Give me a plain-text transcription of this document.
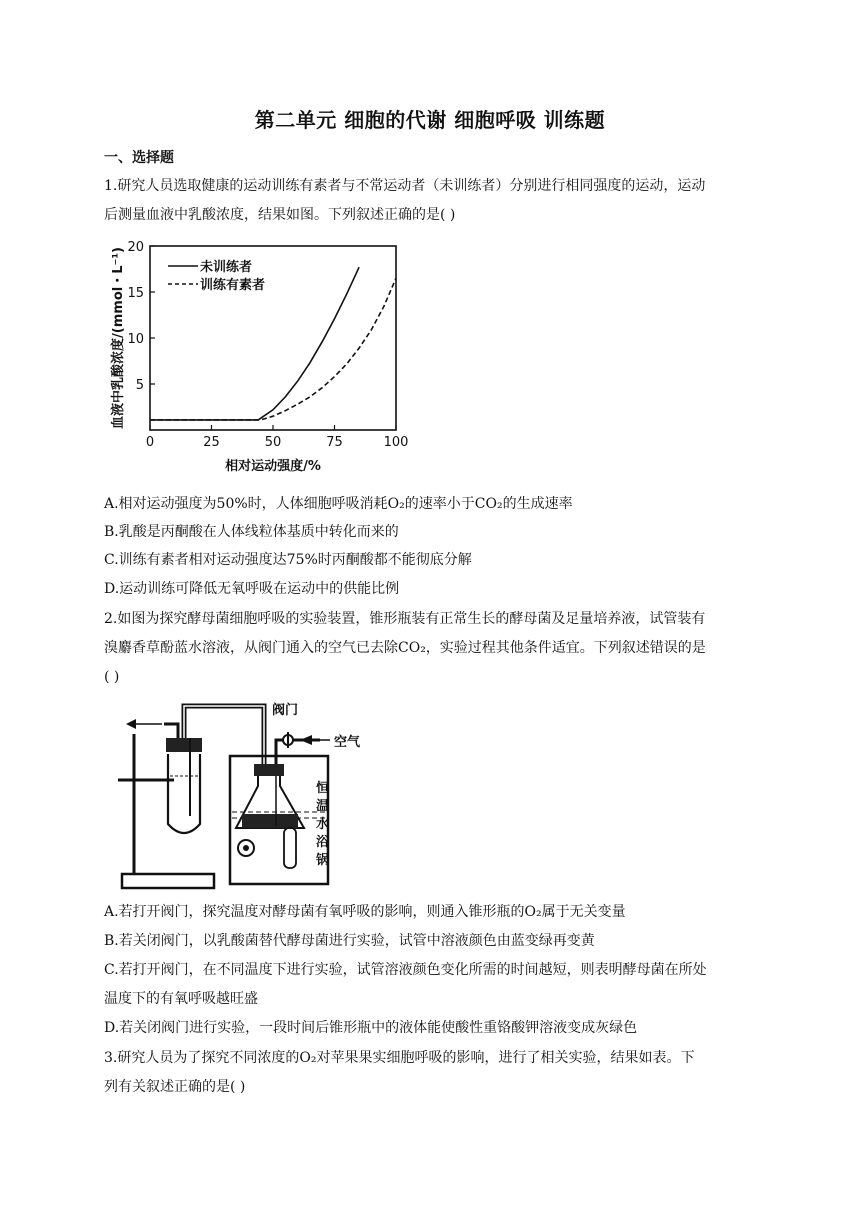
第二单元 细胞的代谢 细胞呼吸 训练题
一、选择题
1.研究人员选取健康的运动训练有素者与不常运动者（未训练者）分别进行相同强度的运动，运动
后测量血液中乳酸浓度，结果如图。下列叙述正确的是( )
0	25	50	75	100
5
10
15
20
相对运动强度/%
血液中乳酸浓度/(mmol・L⁻¹)	未训练者
训练有素者
A.相对运动强度为50%时，人体细胞呼吸消耗O₂的速率小于CO₂的生成速率
B.乳酸是丙酮酸在人体线粒体基质中转化而来的
C.训练有素者相对运动强度达75%时丙酮酸都不能彻底分解
D.运动训练可降低无氧呼吸在运动中的供能比例
2.如图为探究酵母菌细胞呼吸的实验装置，锥形瓶装有正常生长的酵母菌及足量培养液，试管装有
溴麝香草酚蓝水溶液，从阀门通入的空气已去除CO₂，实验过程其他条件适宜。下列叙述错误的是
( )
阀门
空气
恒
温
水
浴
锅
A.若打开阀门，探究温度对酵母菌有氧呼吸的影响，则通入锥形瓶的O₂属于无关变量
B.若关闭阀门，以乳酸菌替代酵母菌进行实验，试管中溶液颜色由蓝变绿再变黄
C.若打开阀门，在不同温度下进行实验，试管溶液颜色变化所需的时间越短，则表明酵母菌在所处
温度下的有氧呼吸越旺盛
D.若关闭阀门进行实验，一段时间后锥形瓶中的液体能使酸性重铬酸钾溶液变成灰绿色
3.研究人员为了探究不同浓度的O₂对苹果果实细胞呼吸的影响，进行了相关实验，结果如表。下
列有关叙述正确的是( )
